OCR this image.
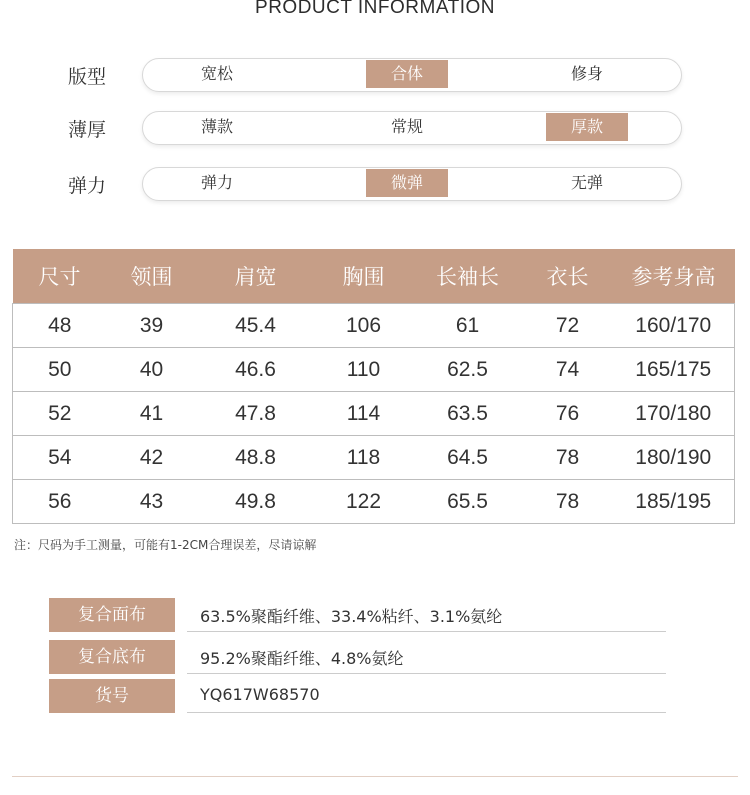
PRODUCT INFORMATION
版型	宽松	合体	修身
薄厚	薄款	常规	厚款
弹力	弹力	微弹	无弹
尺寸	领围	肩宽	胸围	长袖长	衣长	参考身高
48	39	45.4	106	61	72	160/170
50	40	46.6	110	62.5	74	165/175
52	41	47.8	114	63.5	76	170/180
54	42	48.8	118	64.5	78	180/190
56	43	49.8	122	65.5	78	185/195
注：尺码为手工测量，可能有1-2CM合理误差，尽请谅解
复合面布	63.5%聚酯纤维、33.4%粘纤、3.1%氨纶
复合底布	95.2%聚酯纤维、4.8%氨纶
货号	YQ617W68570
